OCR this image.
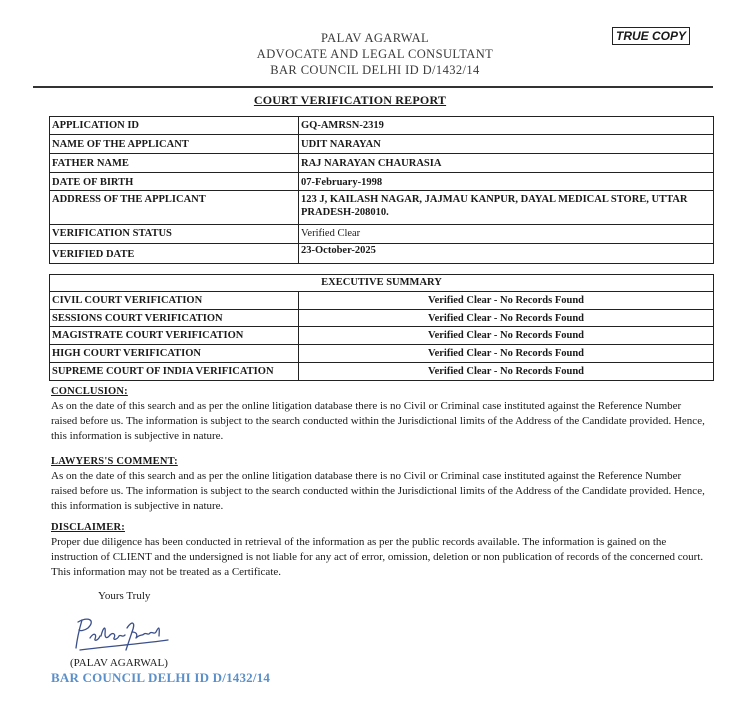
PALAV AGARWAL
ADVOCATE AND LEGAL CONSULTANT
BAR COUNCIL DELHI ID D/1432/14
TRUE COPY
COURT VERIFICATION REPORT
APPLICATION ID	GQ-AMRSN-2319
NAME OF THE APPLICANT	UDIT NARAYAN
FATHER NAME	RAJ NARAYAN CHAURASIA
DATE OF BIRTH	07-February-1998
ADDRESS OF THE APPLICANT	123 J, KAILASH NAGAR, JAJMAU KANPUR, DAYAL MEDICAL STORE, UTTAR PRADESH-208010.
VERIFICATION STATUS	Verified Clear
VERIFIED DATE	23-October-2025
EXECUTIVE SUMMARY	
CIVIL COURT VERIFICATION	Verified Clear - No Records Found
SESSIONS COURT VERIFICATION	Verified Clear - No Records Found
MAGISTRATE COURT VERIFICATION	Verified Clear - No Records Found
HIGH COURT VERIFICATION	Verified Clear - No Records Found
SUPREME COURT OF INDIA VERIFICATION	Verified Clear - No Records Found
CONCLUSION:
As on the date of this search and as per the online litigation database there is no Civil or Criminal case instituted against the Reference Number raised before us. The information is subject to the search conducted within the Jurisdictional limits of the Address of the Candidate provided. Hence, this information is subjective in nature.
LAWYERS'S COMMENT:
As on the date of this search and as per the online litigation database there is no Civil or Criminal case instituted against the Reference Number raised before us. The information is subject to the search conducted within the Jurisdictional limits of the Address of the Candidate provided. Hence, this information is subjective in nature.
DISCLAIMER:
Proper due diligence has been conducted in retrieval of the information as per the public records available. The information is gained on the instruction of CLIENT and the undersigned is not liable for any act of error, omission, deletion or non publication of records of the concerned court. This information may not be treated as a Certificate.
Yours Truly
(PALAV AGARWAL)
BAR COUNCIL DELHI ID D/1432/14
